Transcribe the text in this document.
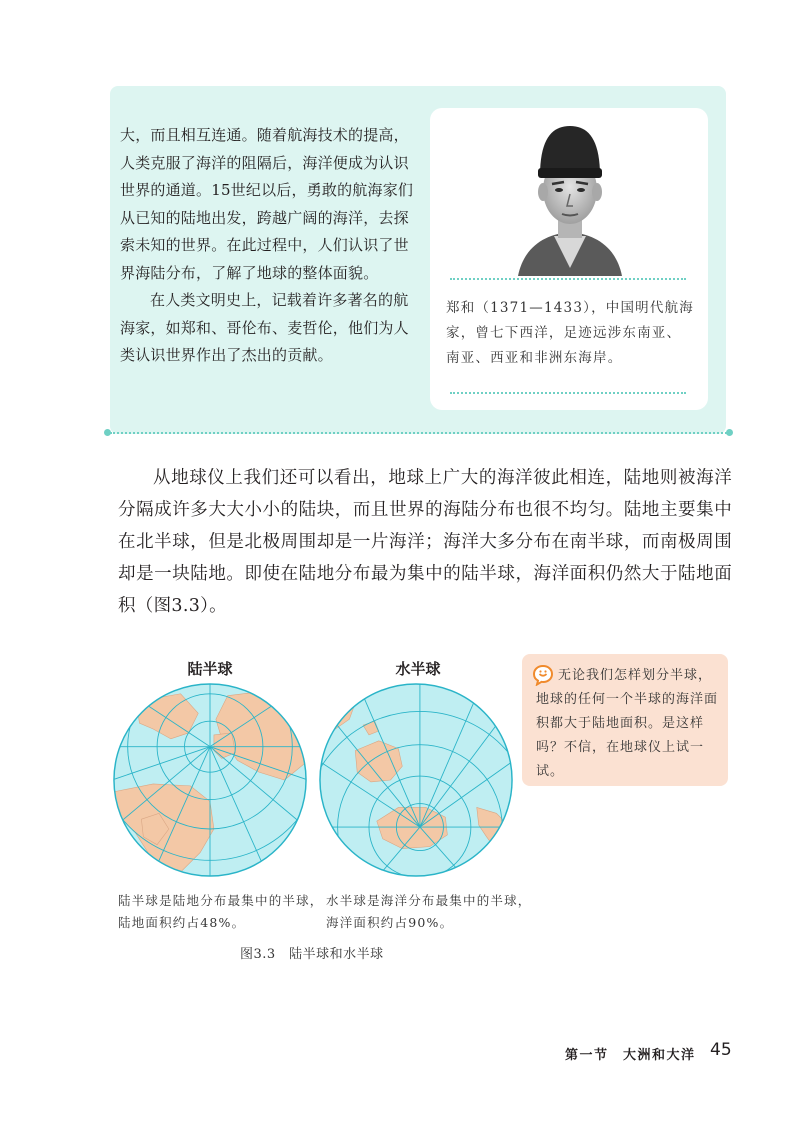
大，而且相互连通。随着航海技术的提高，人类克服了海洋的阻隔后，海洋便成为认识世界的通道。15世纪以后，勇敢的航海家们从已知的陆地出发，跨越广阔的海洋，去探索未知的世界。在此过程中，人们认识了世界海陆分布，了解了地球的整体面貌。

在人类文明史上，记载着许多著名的航海家，如郑和、哥伦布、麦哲伦，他们为人类认识世界作出了杰出的贡献。

郑和（1371—1433），中国明代航海家，曾七下西洋，足迹远涉东南亚、南亚、西亚和非洲东海岸。

从地球仪上我们还可以看出，地球上广大的海洋彼此相连，陆地则被海洋分隔成许多大大小小的陆块，而且世界的海陆分布也很不均匀。陆地主要集中在北半球，但是北极周围却是一片海洋；海洋大多分布在南半球，而南极周围却是一块陆地。即使在陆地分布最为集中的陆半球，海洋面积仍然大于陆地面积（图3.3）。

陆半球	水半球
陆半球是陆地分布最集中的半球，陆地面积约占48%。
水半球是海洋分布最集中的半球，海洋面积约占90%。
图3.3　陆半球和水半球
无论我们怎样划分半球，地球的任何一个半球的海洋面积都大于陆地面积。是这样吗？不信，在地球仪上试一试。
第一节　大洲和大洋 45
